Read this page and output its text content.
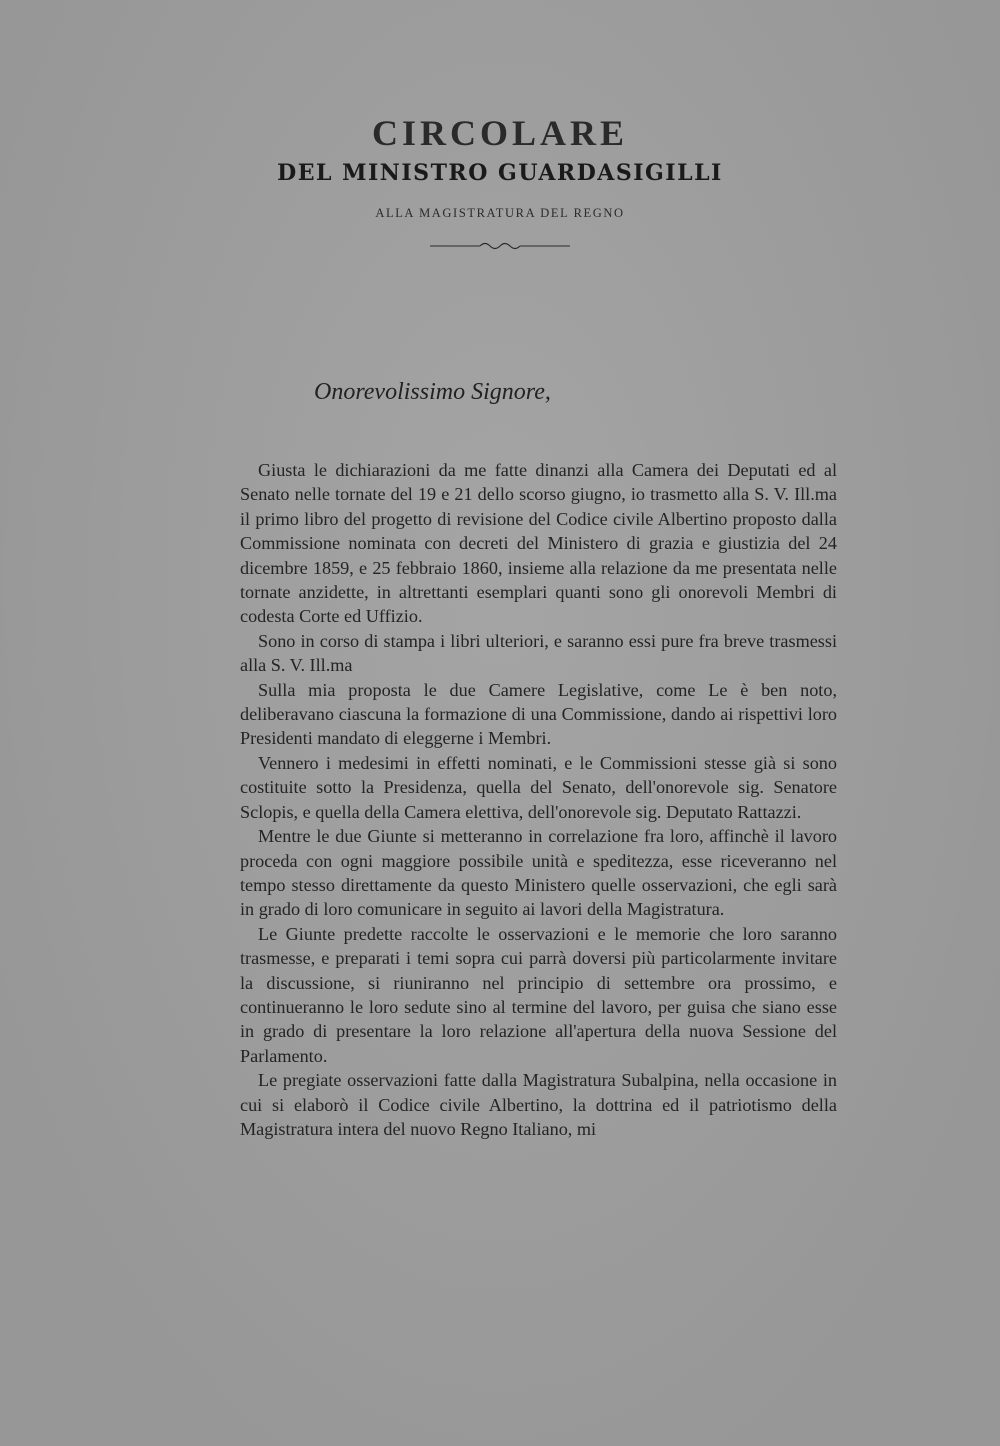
CIRCOLARE
DEL MINISTRO GUARDASIGILLI
ALLA MAGISTRATURA DEL REGNO
Onorevolissimo Signore,

Giusta le dichiarazioni da me fatte dinanzi alla Camera dei Deputati ed al Senato nelle tornate del 19 e 21 dello scorso giugno, io trasmetto alla S. V. Ill.ma il primo libro del progetto di revisione del Codice civile Albertino proposto dalla Commissione nominata con decreti del Ministero di grazia e giustizia del 24 dicembre 1859, e 25 febbraio 1860, insieme alla relazione da me presentata nelle tornate anzidette, in altrettanti esemplari quanti sono gli onorevoli Membri di codesta Corte ed Uffizio.

Sono in corso di stampa i libri ulteriori, e saranno essi pure fra breve trasmessi alla S. V. Ill.ma

Sulla mia proposta le due Camere Legislative, come Le è ben noto, deliberavano ciascuna la formazione di una Commissione, dando ai rispettivi loro Presidenti mandato di eleggerne i Membri.

Vennero i medesimi in effetti nominati, e le Commissioni stesse già si sono costituite sotto la Presidenza, quella del Senato, dell'onorevole sig. Senatore Sclopis, e quella della Camera elettiva, dell'onorevole sig. Deputato Rattazzi.

Mentre le due Giunte si metteranno in correlazione fra loro, affinchè il lavoro proceda con ogni maggiore possibile unità e speditezza, esse riceveranno nel tempo stesso direttamente da questo Ministero quelle osservazioni, che egli sarà in grado di loro comunicare in seguito ai lavori della Magistratura.

Le Giunte predette raccolte le osservazioni e le memorie che loro saranno trasmesse, e preparati i temi sopra cui parrà doversi più particolarmente invitare la discussione, si riuniranno nel principio di settembre ora prossimo, e continueranno le loro sedute sino al termine del lavoro, per guisa che siano esse in grado di presentare la loro relazione all'apertura della nuova Sessione del Parlamento.

Le pregiate osservazioni fatte dalla Magistratura Subalpina, nella occasione in cui si elaborò il Codice civile Albertino, la dottrina ed il patriotismo della Magistratura intera del nuovo Regno Italiano, mi
